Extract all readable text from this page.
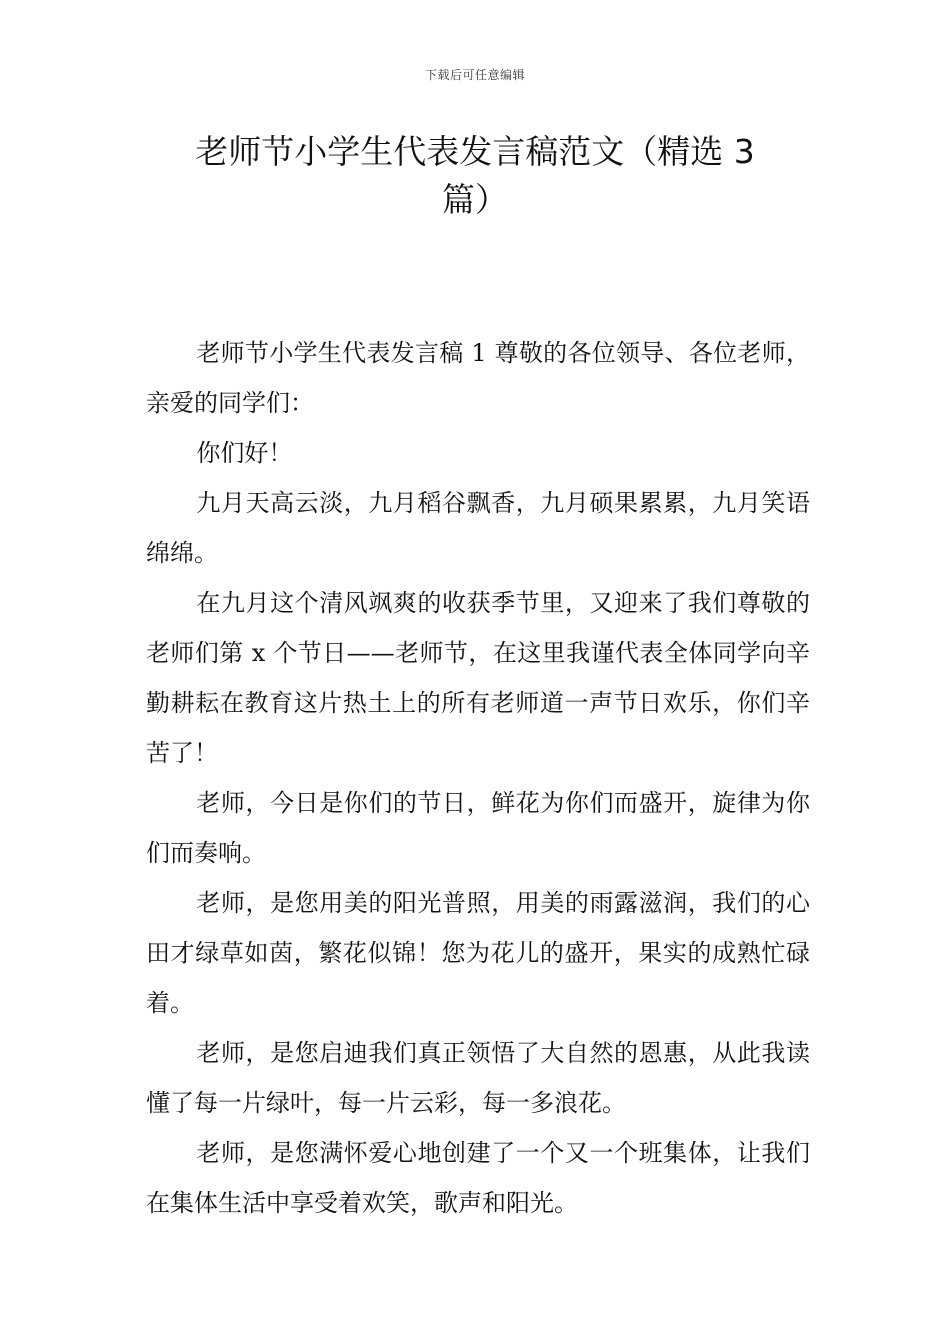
下载后可任意编辑
老师节小学生代表发言稿范文（精选 3
篇）

老师节小学生代表发言稿 1 尊敬的各位领导、各位老师，亲爱的同学们：

你们好！

九月天高云淡，九月稻谷飘香，九月硕果累累，九月笑语绵绵。

在九月这个清风飒爽的收获季节里，又迎来了我们尊敬的老师们第 x 个节日——老师节，在这里我谨代表全体同学向辛勤耕耘在教育这片热土上的所有老师道一声节日欢乐，你们辛苦了！

老师，今日是你们的节日，鲜花为你们而盛开，旋律为你们而奏响。

老师，是您用美的阳光普照，用美的雨露滋润，我们的心田才绿草如茵，繁花似锦！您为花儿的盛开，果实的成熟忙碌着。

老师，是您启迪我们真正领悟了大自然的恩惠，从此我读懂了每一片绿叶，每一片云彩，每一多浪花。

老师，是您满怀爱心地创建了一个又一个班集体，让我们在集体生活中享受着欢笑，歌声和阳光。
